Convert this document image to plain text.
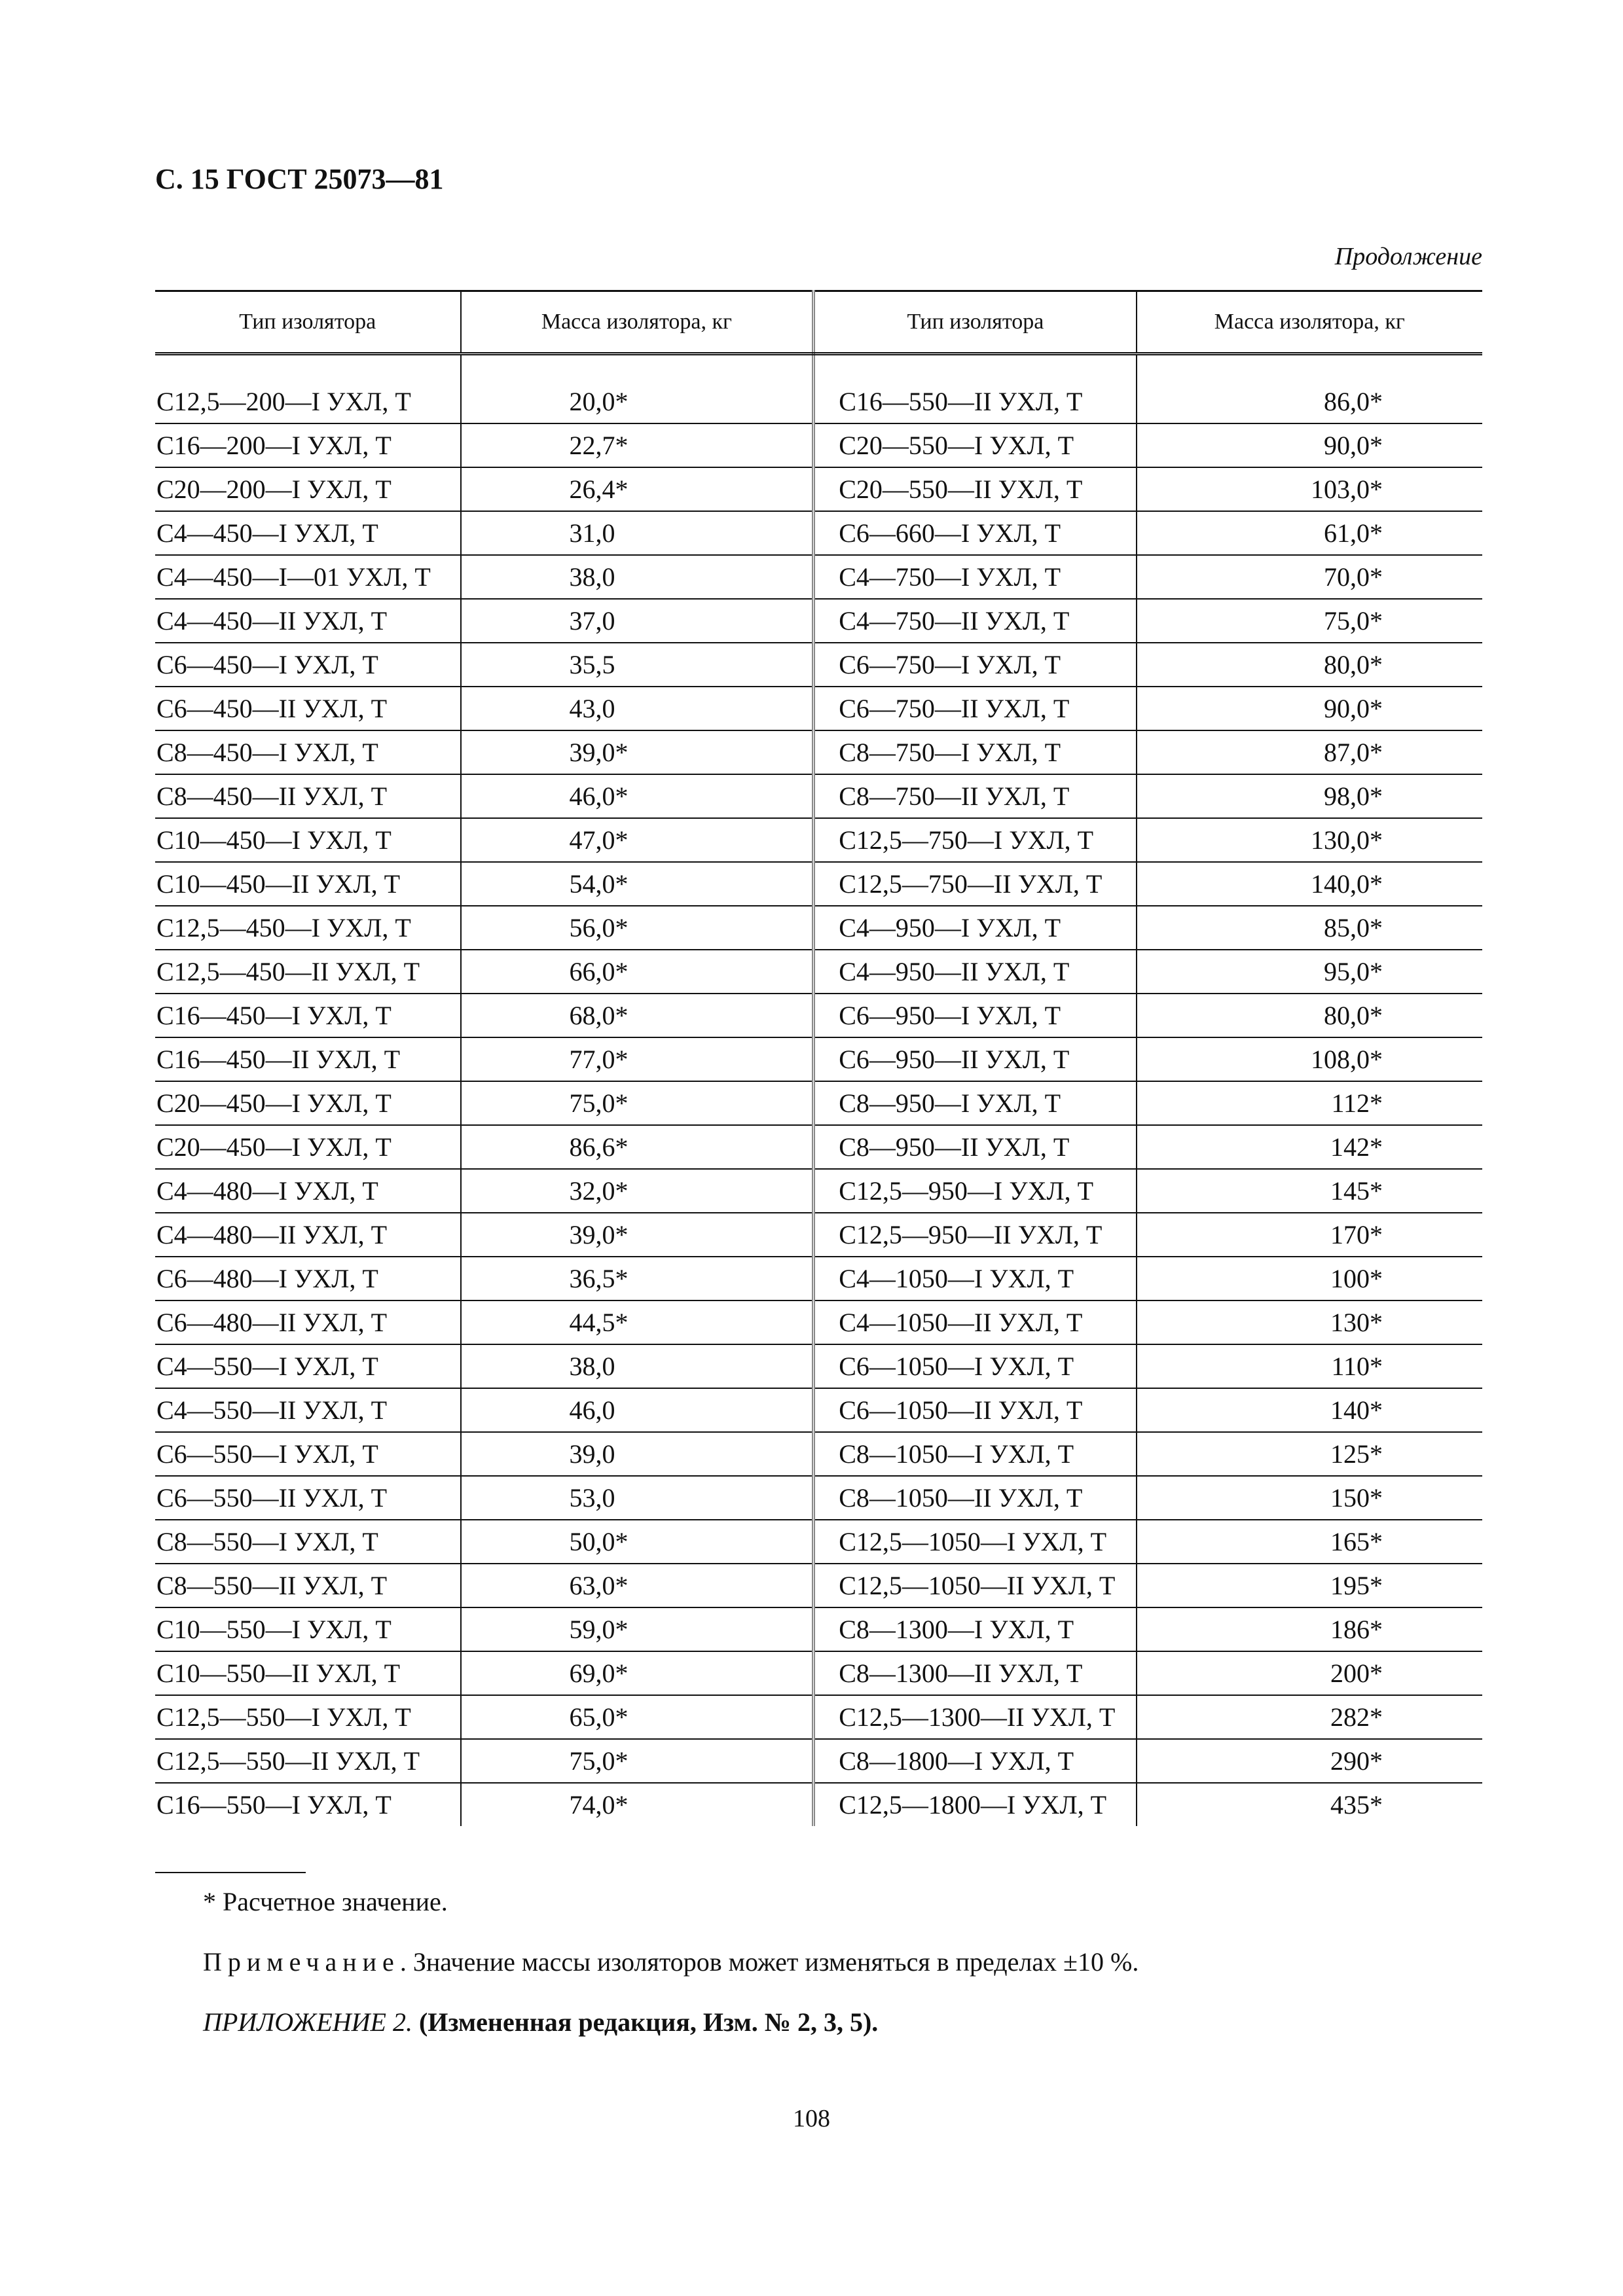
С. 15 ГОСТ 25073—81
Продолжение
Тип изолятора	Масса изолятора, кг	Тип изолятора	Масса изолятора, кг

С12,5—200—I УХЛ, Т	20,0*	С16—550—II УХЛ, Т	86,0*
С16—200—I УХЛ, Т	22,7*	С20—550—I УХЛ, Т	90,0*
С20—200—I УХЛ, Т	26,4*	С20—550—II УХЛ, Т	103,0*
С4—450—I УХЛ, Т	31,0	С6—660—I УХЛ, Т	61,0*
С4—450—I—01 УХЛ, Т	38,0	С4—750—I УХЛ, Т	70,0*
С4—450—II УХЛ, Т	37,0	С4—750—II УХЛ, Т	75,0*
С6—450—I УХЛ, Т	35,5	С6—750—I УХЛ, Т	80,0*
С6—450—II УХЛ, Т	43,0	С6—750—II УХЛ, Т	90,0*
С8—450—I УХЛ, Т	39,0*	С8—750—I УХЛ, Т	87,0*
С8—450—II УХЛ, Т	46,0*	С8—750—II УХЛ, Т	98,0*
С10—450—I УХЛ, Т	47,0*	С12,5—750—I УХЛ, Т	130,0*
С10—450—II УХЛ, Т	54,0*	С12,5—750—II УХЛ, Т	140,0*
С12,5—450—I УХЛ, Т	56,0*	С4—950—I УХЛ, Т	85,0*
С12,5—450—II УХЛ, Т	66,0*	С4—950—II УХЛ, Т	95,0*
С16—450—I УХЛ, Т	68,0*	С6—950—I УХЛ, Т	80,0*
С16—450—II УХЛ, Т	77,0*	С6—950—II УХЛ, Т	108,0*
С20—450—I УХЛ, Т	75,0*	С8—950—I УХЛ, Т	112*
С20—450—I УХЛ, Т	86,6*	С8—950—II УХЛ, Т	142*
С4—480—I УХЛ, Т	32,0*	С12,5—950—I УХЛ, Т	145*
С4—480—II УХЛ, Т	39,0*	С12,5—950—II УХЛ, Т	170*
С6—480—I УХЛ, Т	36,5*	С4—1050—I УХЛ, Т	100*
С6—480—II УХЛ, Т	44,5*	С4—1050—II УХЛ, Т	130*
С4—550—I УХЛ, Т	38,0	С6—1050—I УХЛ, Т	110*
С4—550—II УХЛ, Т	46,0	С6—1050—II УХЛ, Т	140*
С6—550—I УХЛ, Т	39,0	С8—1050—I УХЛ, Т	125*
С6—550—II УХЛ, Т	53,0	С8—1050—II УХЛ, Т	150*
С8—550—I УХЛ, Т	50,0*	С12,5—1050—I УХЛ, Т	165*
С8—550—II УХЛ, Т	63,0*	С12,5—1050—II УХЛ, Т	195*
С10—550—I УХЛ, Т	59,0*	С8—1300—I УХЛ, Т	186*
С10—550—II УХЛ, Т	69,0*	С8—1300—II УХЛ, Т	200*
С12,5—550—I УХЛ, Т	65,0*	С12,5—1300—II УХЛ, Т	282*
С12,5—550—II УХЛ, Т	75,0*	С8—1800—I УХЛ, Т	290*
С16—550—I УХЛ, Т	74,0*	С12,5—1800—I УХЛ, Т	435*
* Расчетное значение.
Примечание. Значение массы изоляторов может изменяться в пределах ±10 %.
ПРИЛОЖЕНИЕ 2. (Измененная редакция, Изм. № 2, 3, 5).
108
